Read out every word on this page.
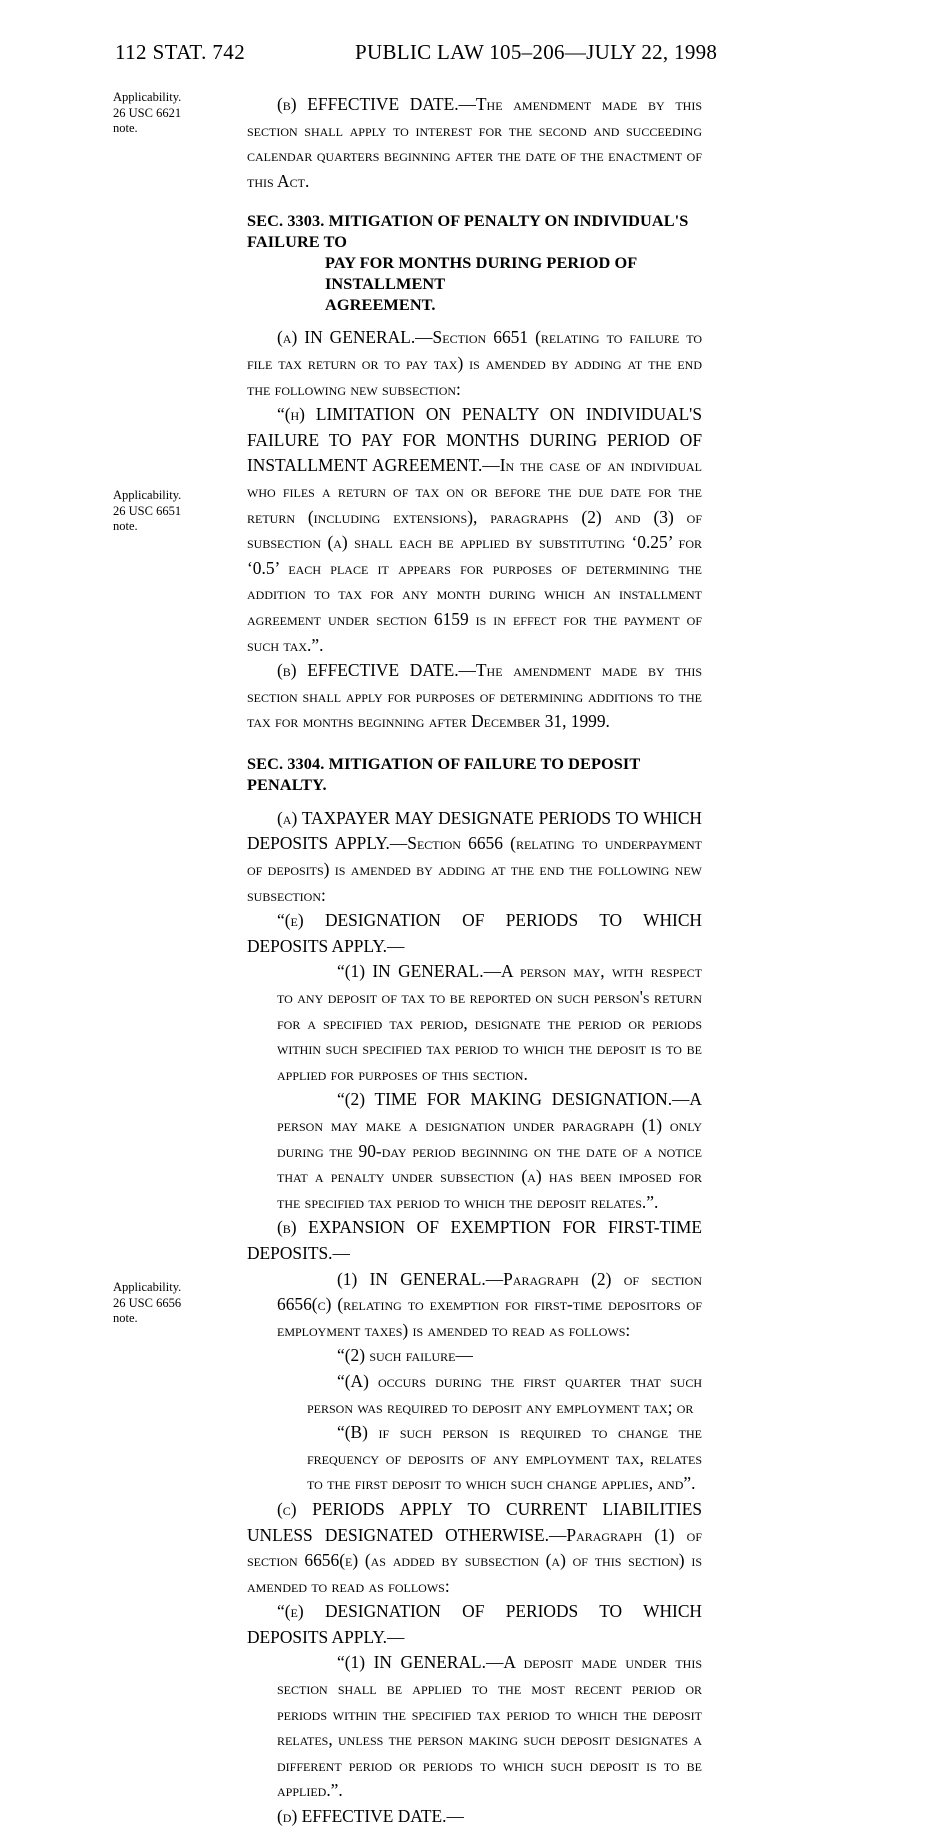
112 STAT. 742	PUBLIC LAW 105–206—JULY 22, 1998
Applicability.
26 USC 6621
note.
Applicability.
26 USC 6651
note.
Applicability.
26 USC 6656
note.

(b) EFFECTIVE DATE.—The amendment made by this section shall apply to interest for the second and succeeding calendar quarters beginning after the date of the enactment of this Act.

SEC. 3303. MITIGATION OF PENALTY ON INDIVIDUAL'S FAILURE TO
PAY FOR MONTHS DURING PERIOD OF INSTALLMENT
AGREEMENT.

(a) IN GENERAL.—Section 6651 (relating to failure to file tax return or to pay tax) is amended by adding at the end the following new subsection:

“(h) LIMITATION ON PENALTY ON INDIVIDUAL'S FAILURE TO PAY FOR MONTHS DURING PERIOD OF INSTALLMENT AGREEMENT.—In the case of an individual who files a return of tax on or before the due date for the return (including extensions), paragraphs (2) and (3) of subsection (a) shall each be applied by substituting ‘0.25’ for ‘0.5’ each place it appears for purposes of determining the addition to tax for any month during which an installment agreement under section 6159 is in effect for the payment of such tax.”.

(b) EFFECTIVE DATE.—The amendment made by this section shall apply for purposes of determining additions to the tax for months beginning after December 31, 1999.

SEC. 3304. MITIGATION OF FAILURE TO DEPOSIT PENALTY.

(a) TAXPAYER MAY DESIGNATE PERIODS TO WHICH DEPOSITS APPLY.—Section 6656 (relating to underpayment of deposits) is amended by adding at the end the following new subsection:

“(e) DESIGNATION OF PERIODS TO WHICH DEPOSITS APPLY.—

“(1) IN GENERAL.—A person may, with respect to any deposit of tax to be reported on such person's return for a specified tax period, designate the period or periods within such specified tax period to which the deposit is to be applied for purposes of this section.

“(2) TIME FOR MAKING DESIGNATION.—A person may make a designation under paragraph (1) only during the 90-day period beginning on the date of a notice that a penalty under subsection (a) has been imposed for the specified tax period to which the deposit relates.”.

(b) EXPANSION OF EXEMPTION FOR FIRST-TIME DEPOSITS.—

(1) IN GENERAL.—Paragraph (2) of section 6656(c) (relating to exemption for first-time depositors of employment taxes) is amended to read as follows:

“(2) such failure—

“(A) occurs during the first quarter that such person was required to deposit any employment tax; or

“(B) if such person is required to change the frequency of deposits of any employment tax, relates to the first deposit to which such change applies, and”.

(c) PERIODS APPLY TO CURRENT LIABILITIES UNLESS DESIGNATED OTHERWISE.—Paragraph (1) of section 6656(e) (as added by subsection (a) of this section) is amended to read as follows:

“(e) DESIGNATION OF PERIODS TO WHICH DEPOSITS APPLY.—

“(1) IN GENERAL.—A deposit made under this section shall be applied to the most recent period or periods within the specified tax period to which the deposit relates, unless the person making such deposit designates a different period or periods to which such deposit is to be applied.”.

(d) EFFECTIVE DATE.—
